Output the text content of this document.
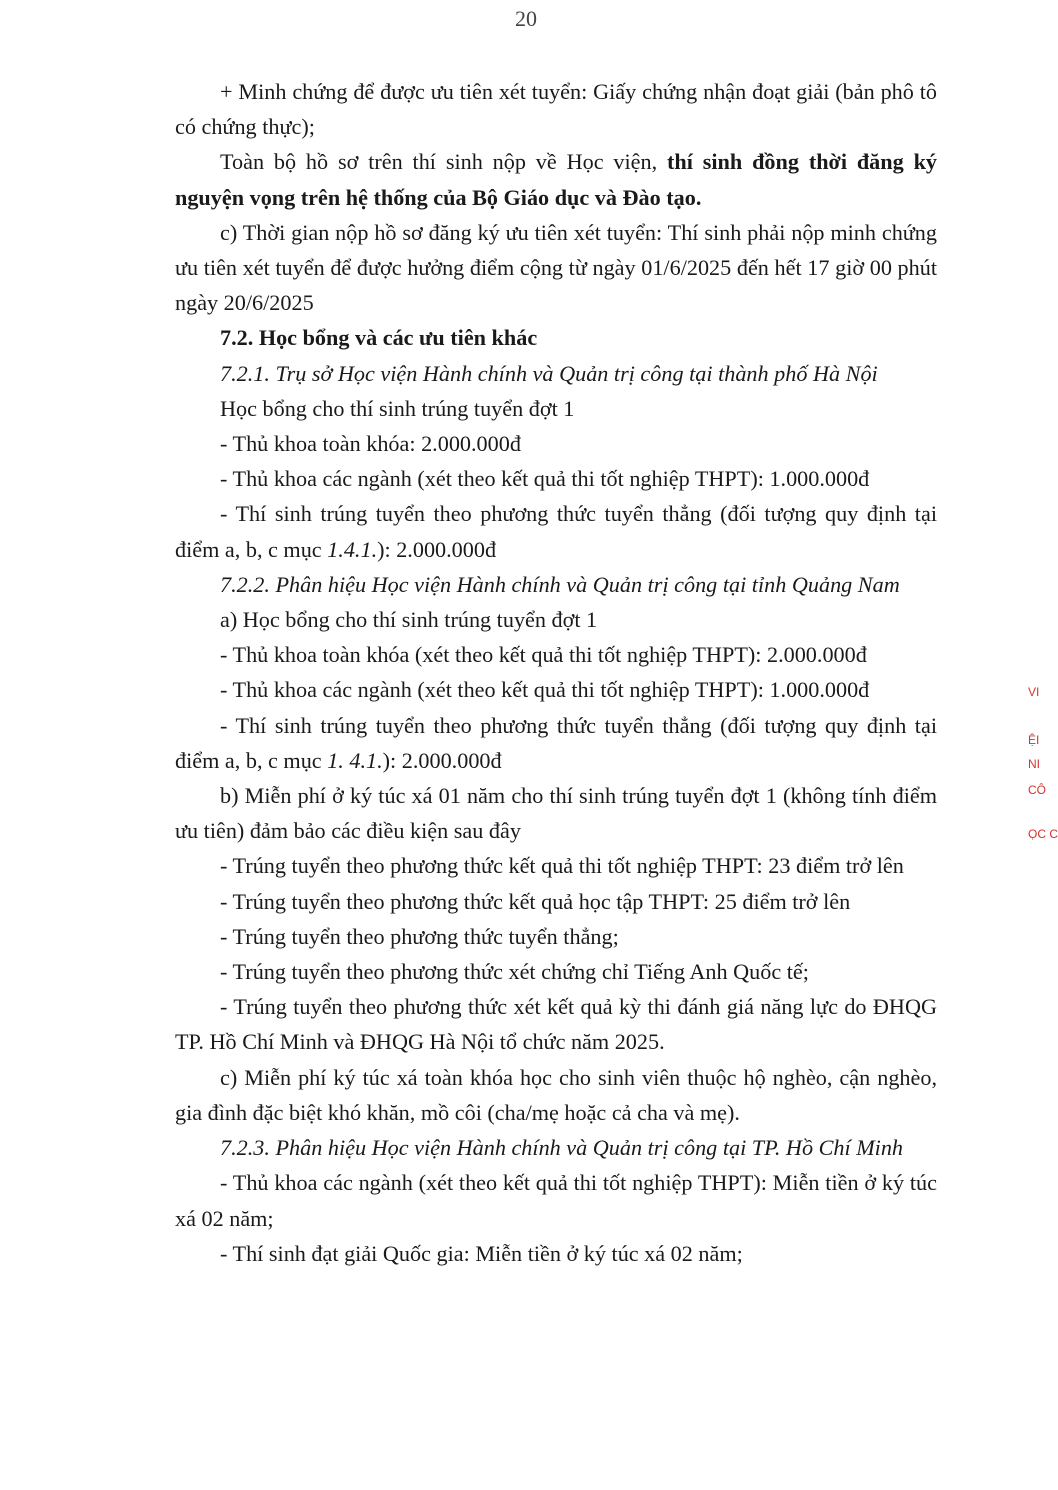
20

+ Minh chứng để được ưu tiên xét tuyển: Giấy chứng nhận đoạt giải (bản phô tô có chứng thực);

Toàn bộ hồ sơ trên thí sinh nộp về Học viện, thí sinh đồng thời đăng ký nguyện vọng trên hệ thống của Bộ Giáo dục và Đào tạo.

c) Thời gian nộp hồ sơ đăng ký ưu tiên xét tuyển: Thí sinh phải nộp minh chứng ưu tiên xét tuyển để được hưởng điểm cộng từ ngày 01/6/2025 đến hết 17 giờ 00 phút ngày 20/6/2025

7.2. Học bổng và các ưu tiên khác

7.2.1. Trụ sở Học viện Hành chính và Quản trị công tại thành phố Hà Nội

Học bổng cho thí sinh trúng tuyển đợt 1

- Thủ khoa toàn khóa: 2.000.000đ

- Thủ khoa các ngành (xét theo kết quả thi tốt nghiệp THPT): 1.000.000đ

- Thí sinh trúng tuyển theo phương thức tuyển thẳng (đối tượng quy định tại điểm a, b, c mục 1.4.1.): 2.000.000đ

7.2.2. Phân hiệu Học viện Hành chính và Quản trị công tại tỉnh Quảng Nam

a) Học bổng cho thí sinh trúng tuyển đợt 1

- Thủ khoa toàn khóa (xét theo kết quả thi tốt nghiệp THPT): 2.000.000đ

- Thủ khoa các ngành (xét theo kết quả thi tốt nghiệp THPT): 1.000.000đ

- Thí sinh trúng tuyển theo phương thức tuyển thẳng (đối tượng quy định tại điểm a, b, c mục 1. 4.1.): 2.000.000đ

b) Miễn phí ở ký túc xá 01 năm cho thí sinh trúng tuyển đợt 1 (không tính điểm ưu tiên) đảm bảo các điều kiện sau đây

- Trúng tuyển theo phương thức kết quả thi tốt nghiệp THPT: 23 điểm trở lên

- Trúng tuyển theo phương thức kết quả học tập THPT: 25 điểm trở lên

- Trúng tuyển theo phương thức tuyển thẳng;

- Trúng tuyển theo phương thức xét chứng chỉ Tiếng Anh Quốc tế;

- Trúng tuyển theo phương thức xét kết quả kỳ thi đánh giá năng lực do ĐHQG TP. Hồ Chí Minh và ĐHQG Hà Nội tổ chức năm 2025.

c) Miễn phí ký túc xá toàn khóa học cho sinh viên thuộc hộ nghèo, cận nghèo, gia đình đặc biệt khó khăn, mồ côi (cha/mẹ hoặc cả cha và mẹ).

7.2.3. Phân hiệu Học viện Hành chính và Quản trị công tại TP. Hồ Chí Minh

- Thủ khoa các ngành (xét theo kết quả thi tốt nghiệp THPT): Miễn tiền ở ký túc xá 02 năm;

- Thí sinh đạt giải Quốc gia: Miễn tiền ở ký túc xá 02 năm;

VI
ỆI
NI
CÔ
ỌC C
